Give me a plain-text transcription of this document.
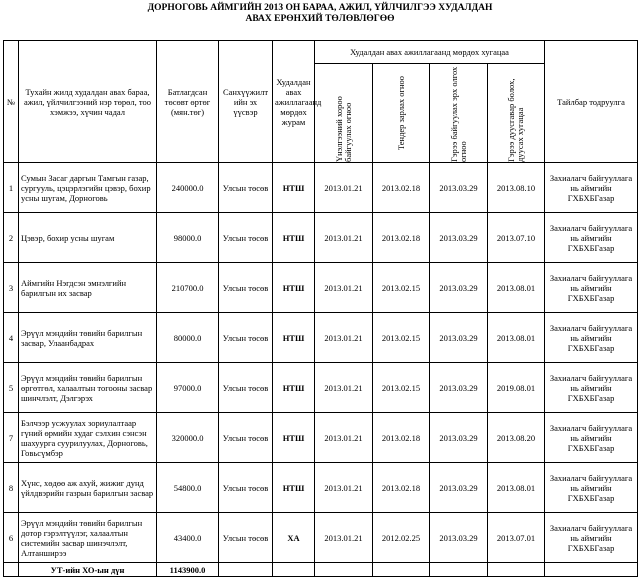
ДОРНОГОВЬ АЙМГИЙН 2013 ОН БАРАА, АЖИЛ, ҮЙЛЧИЛГЭЭ ХУДАЛДАН
АВАХ ЕРӨНХИЙ ТӨЛӨВЛӨГӨӨ
№	Тухайн жилд худалдан авах бараа, ажил, үйлчилгээний нэр төрөл, тоо хэмжээ, хүчин чадал	Батлагдсан төсөвт өртөг (мян.төг)	Санхүүжилт ийн эх үүсвэр	Худалдан авах ажиллагаанд мөрдөх журам	Худалдан авах ажиллагаанд мөрдөх хугацаа				Тайлбар тодруулга

					Үнэлгээний хороо байгуулах огноо	Тендер зарлах огноо	Гэрээ байгуулах эрх олгох огноо	Гэрээ дуусгавар болох, дуусах хугацаа	

1	Сумын Засаг даргын Тамгын газар, сургууль, цэцэрлэгийн цэвэр, бохир усны шугам, Дорноговь	240000.0	Улсын төсөв	НТШ	2013.01.21	2013.02.18	2013.03.29	2013.08.10	Захиалагч байгууллага нь аймгийн ГХБХБГазар
2	Цэвэр, бохир усны шугам	98000.0	Улсын төсөв	НТШ	2013.01.21	2013.02.18	2013.03.29	2013.07.10	Захиалагч байгууллага нь аймгийн ГХБХБГазар
3	Аймгийн Нэгдсэн эмнэлгийн барилгын их засвар	210700.0	Улсын төсөв	НТШ	2013.01.21	2013.02.15	2013.03.29	2013.08.01	Захиалагч байгууллага нь аймгийн ГХБХБГазар
4	Эрүүл мэндийн төвийн барилгын засвар, Улаанбадрах	80000.0	Улсын төсөв	НТШ	2013.01.21	2013.02.15	2013.03.29	2013.08.01	Захиалагч байгууллага нь аймгийн ГХБХБГазар
5	Эрүүл мэндийн төвийн барилгын өргөтгөл, халаалтын тогооны засвар шинчлэлт, Дэлгэрэх	97000.0	Улсын төсөв	НТШ	2013.01.21	2013.02.15	2013.03.29	2019.08.01	Захиалагч байгууллага нь аймгийн ГХБХБГазар
7	Бэлчээр усжуулах зориулалтаар гүний өрмийн худаг сэлхин сэнсэн шахуурга суурилуулах, Дорноговь, Говьсүмбэр	320000.0	Улсын төсөв	НТШ	2013.01.21	2013.02.18	2013.03.29	2013.08.20	Захиалагч байгууллага нь аймгийн ГХБХБГазар
8	Хүнс, хөдөө аж ахуй, жижиг дунд үйлдвэрийн газрын барилгын засвар	54800.0	Улсын төсөв	НТШ	2013.01.21	2013.02.18	2013.03.29	2013.08.01	Захиалагч байгууллага нь аймгийн ГХБХБГазар
6	Эрүүл мэндийн төвийн барилгын дотор гэрэлтүүлэг, халаалтын системийн засвар шинэчлэлт, Алтанширээ	43400.0	Улсын төсөв	ХА	2013.01.21	2012.02.25	2013.03.29	2013.07.01	Захиалагч байгууллага нь аймгийн ГХБХБГазар
	УТ-ийн ХО-ын дүн	1143900.0							
